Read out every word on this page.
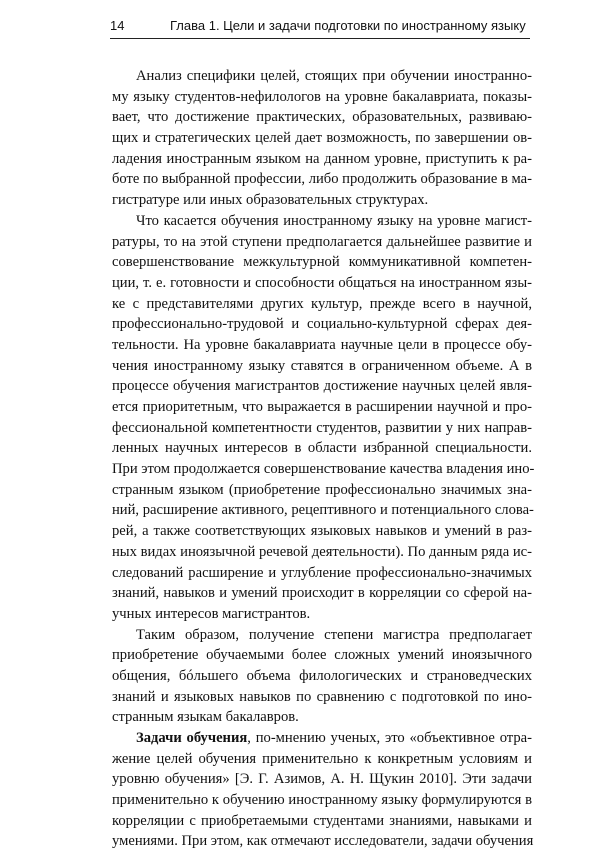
14	Глава 1. Цели и задачи подготовки по иностранному языку
Анализ специфики целей, стоящих при обучении иностранно-
му языку студентов-нефилологов на уровне бакалавриата, показы-
вает, что достижение практических, образовательных, развиваю-
щих и стратегических целей дает возможность, по завершении ов-
ладения иностранным языком на данном уровне, приступить к ра-
боте по выбранной профессии, либо продолжить образование в ма-
гистратуре или иных образовательных структурах.
Что касается обучения иностранному языку на уровне магист-
ратуры, то на этой ступени предполагается дальнейшее развитие и
совершенствование межкультурной коммуникативной компетен-
ции, т. е. готовности и способности общаться на иностранном язы-
ке с представителями других культур, прежде всего в научной,
профессионально-трудовой и социально-культурной сферах дея-
тельности. На уровне бакалавриата научные цели в процессе обу-
чения иностранному языку ставятся в ограниченном объеме. А в
процессе обучения магистрантов достижение научных целей явля-
ется приоритетным, что выражается в расширении научной и про-
фессиональной компетентности студентов, развитии у них направ-
ленных научных интересов в области избранной специальности.
При этом продолжается совершенствование качества владения ино-
странным языком (приобретение профессионально значимых зна-
ний, расширение активного, рецептивного и потенциального слова-
рей, а также соответствующих языковых навыков и умений в раз-
ных видах иноязычной речевой деятельности). По данным ряда ис-
следований расширение и углубление профессионально-значимых
знаний, навыков и умений происходит в корреляции со сферой на-
учных интересов магистрантов.
Таким образом, получение степени магистра предполагает
приобретение обучаемыми более сложных умений иноязычного
общения, бóльшего объема филологических и страноведческих
знаний и языковых навыков по сравнению с подготовкой по ино-
странным языкам бакалавров.
Задачи обучения, по-мнению ученых, это «объективное отра-
жение целей обучения применительно к конкретным условиям и
уровню обучения» [Э. Г. Азимов, А. Н. Щукин 2010]. Эти задачи
применительно к обучению иностранному языку формулируются в
корреляции с приобретаемыми студентами знаниями, навыками и
умениями. При этом, как отмечают исследователи, задачи обучения
